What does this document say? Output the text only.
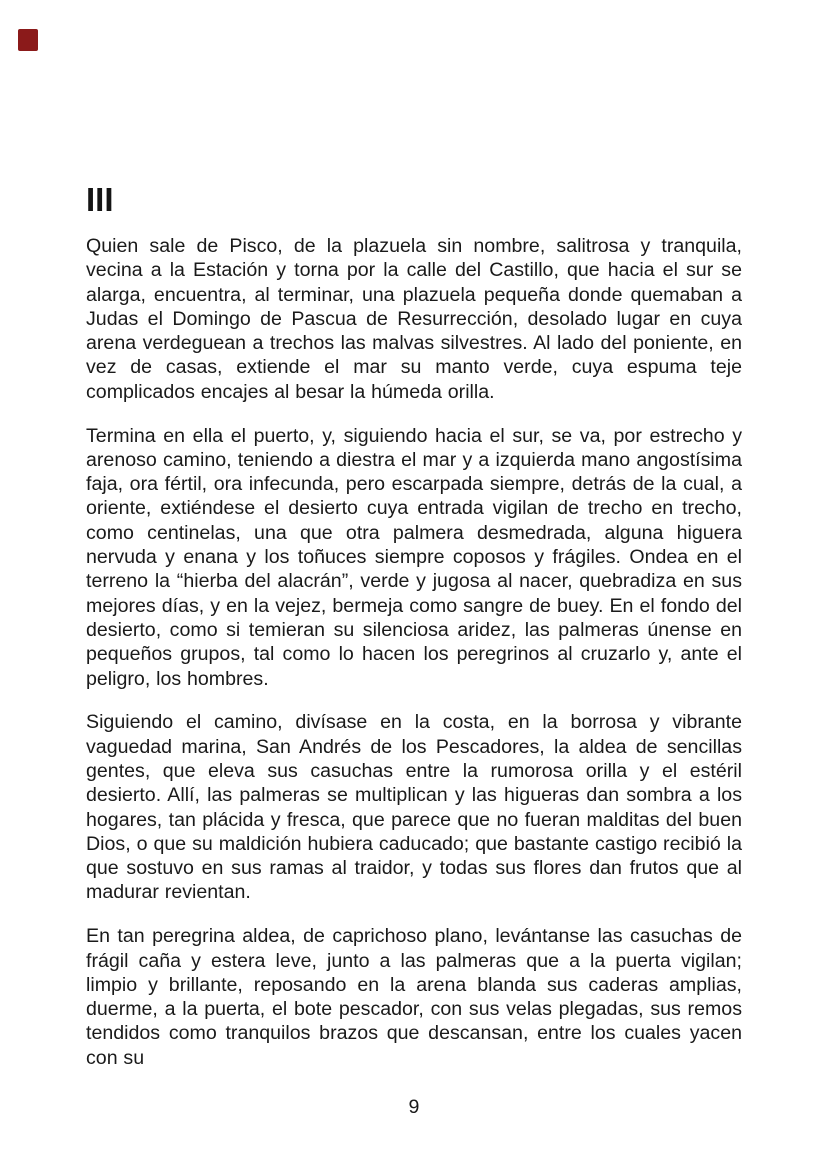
III

Quien sale de Pisco, de la plazuela sin nombre, salitrosa y tranquila, vecina a la Estación y torna por la calle del Castillo, que hacia el sur se alarga, encuentra, al terminar, una plazuela pequeña donde quemaban a Judas el Domingo de Pascua de Resurrección, desolado lugar en cuya arena verdeguean a trechos las malvas silvestres. Al lado del poniente, en vez de casas, extiende el mar su manto verde, cuya espuma teje complicados encajes al besar la húmeda orilla.

Termina en ella el puerto, y, siguiendo hacia el sur, se va, por estrecho y arenoso camino, teniendo a diestra el mar y a izquierda mano angostísima faja, ora fértil, ora infecunda, pero escarpada siempre, detrás de la cual, a oriente, extiéndese el desierto cuya entrada vigilan de trecho en trecho, como centinelas, una que otra palmera desmedrada, alguna higuera nervuda y enana y los toñuces siempre coposos y frágiles. Ondea en el terreno la “hierba del alacrán”, verde y jugosa al nacer, quebradiza en sus mejores días, y en la vejez, bermeja como sangre de buey. En el fondo del desierto, como si temieran su silenciosa aridez, las palmeras únense en pequeños grupos, tal como lo hacen los peregrinos al cruzarlo y, ante el peligro, los hombres.

Siguiendo el camino, divísase en la costa, en la borrosa y vibrante vaguedad marina, San Andrés de los Pescadores, la aldea de sencillas gentes, que eleva sus casuchas entre la rumorosa orilla y el estéril desierto. Allí, las palmeras se multiplican y las higueras dan sombra a los hogares, tan plácida y fresca, que parece que no fueran malditas del buen Dios, o que su maldición hubiera caducado; que bastante castigo recibió la que sostuvo en sus ramas al traidor, y todas sus flores dan frutos que al madurar revientan.

En tan peregrina aldea, de caprichoso plano, levántanse las casuchas de frágil caña y estera leve, junto a las palmeras que a la puerta vigilan; limpio y brillante, reposando en la arena blanda sus caderas amplias, duerme, a la puerta, el bote pescador, con sus velas plegadas, sus remos tendidos como tranquilos brazos que descansan, entre los cuales yacen con su

9
